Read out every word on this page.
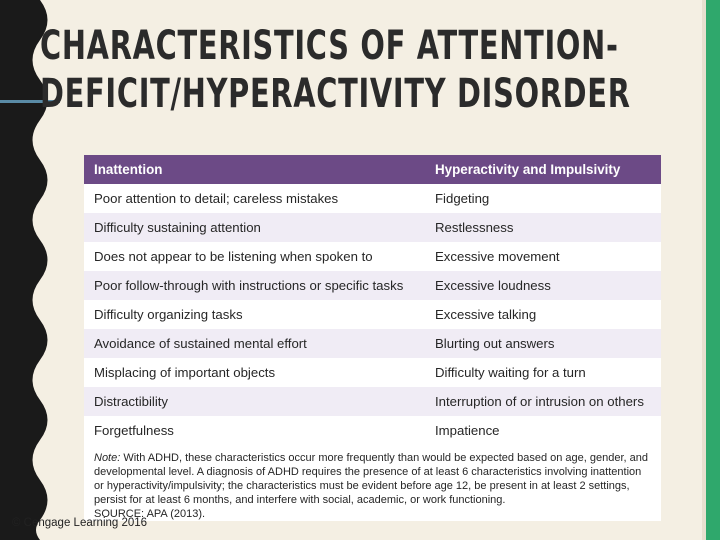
CHARACTERISTICS OF ATTENTION-
DEFICIT/HYPERACTIVITY DISORDER
Inattention	Hyperactivity and Impulsivity
Poor attention to detail; careless mistakes	Fidgeting
Difficulty sustaining attention	Restlessness
Does not appear to be listening when spoken to	Excessive movement
Poor follow-through with instructions or specific tasks	Excessive loudness
Difficulty organizing tasks	Excessive talking
Avoidance of sustained mental effort	Blurting out answers
Misplacing of important objects	Difficulty waiting for a turn
Distractibility	Interruption of or intrusion on others
Forgetfulness	Impatience
Note: With ADHD, these characteristics occur more frequently than would be expected based on age, gender, and developmental level. A diagnosis of ADHD requires the presence of at least 6 characteristics involving inattention or hyperactivity/impulsivity; the characteristics must be evident before age 12, be present in at least 2 settings, persist for at least 6 months, and interfere with social, academic, or work functioning.
SOURCE: APA (2013).
© Cengage Learning 2016
